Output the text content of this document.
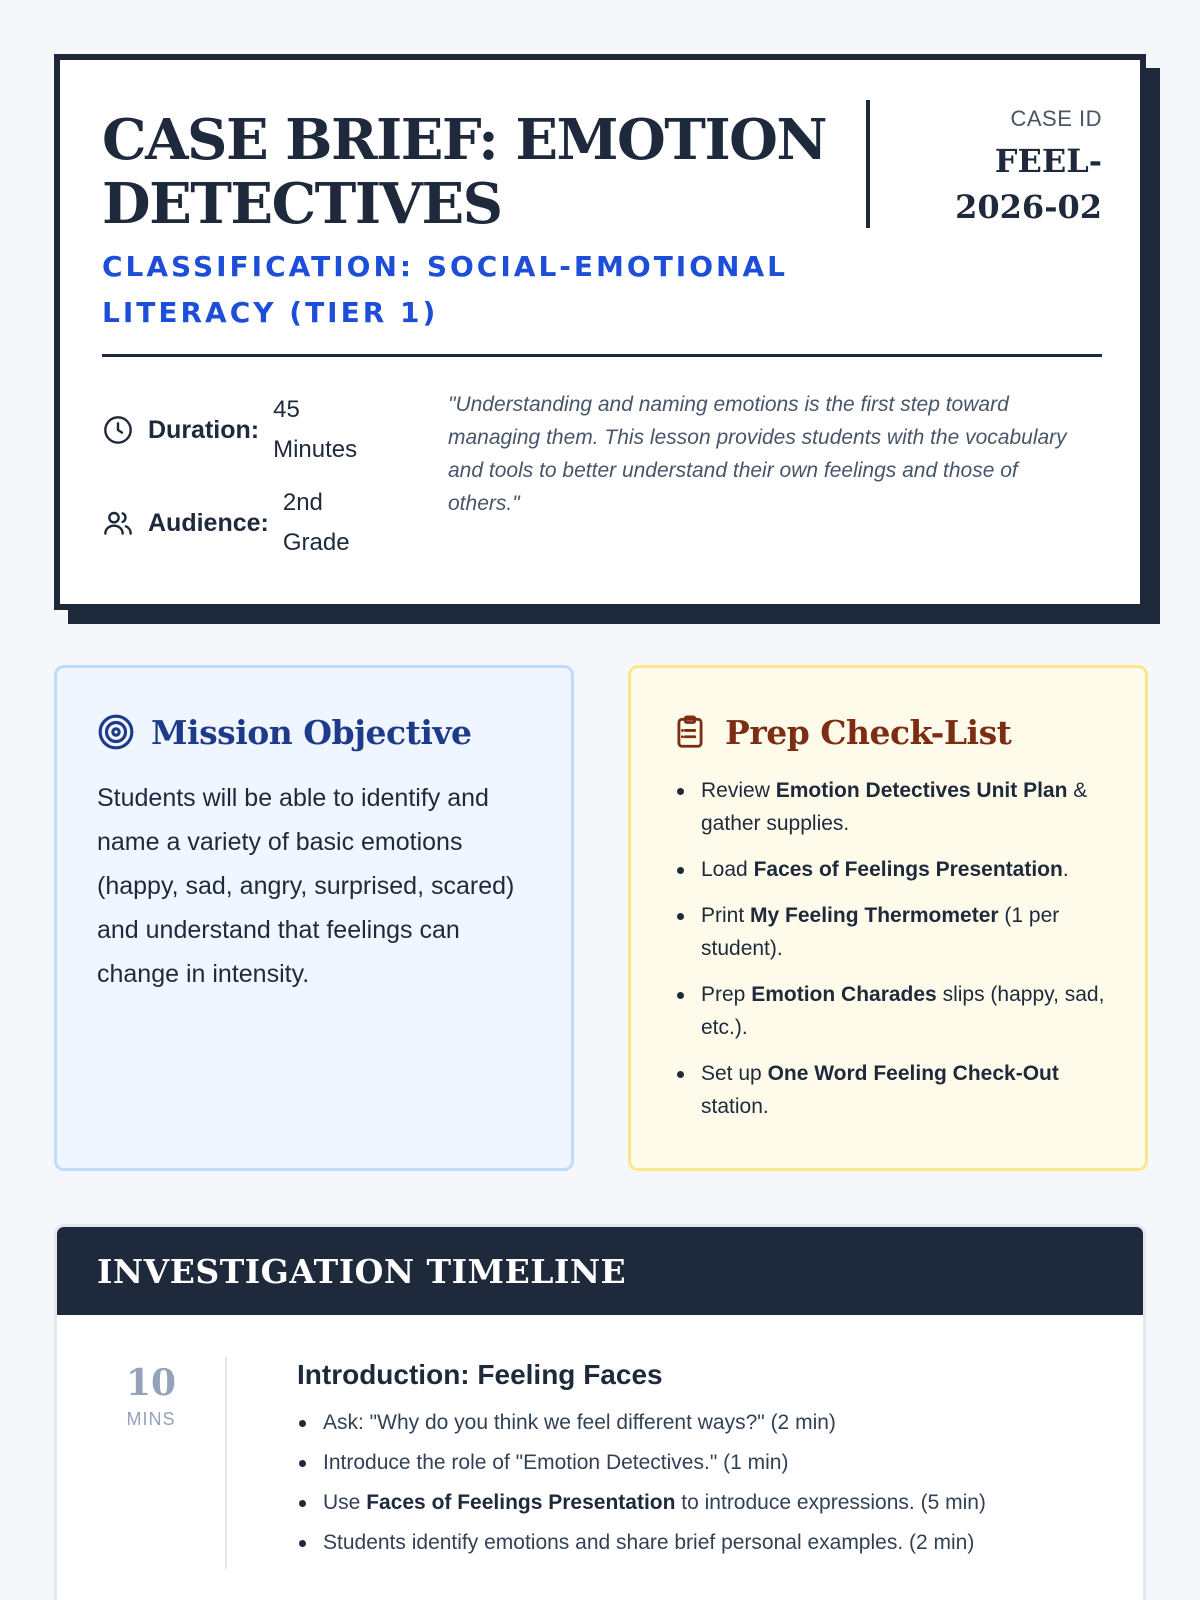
CASE BRIEF: EMOTION DETECTIVES
CLASSIFICATION: SOCIAL-EMOTIONAL LITERACY (TIER 1)
CASE ID
FEEL-2026-02
Duration:
45 Minutes
Audience:
2nd Grade

"Understanding and naming emotions is the first step toward managing them. This lesson provides students with the vocabulary and tools to better understand their own feelings and those of others."

Mission Objective

Students will be able to identify and name a variety of basic emotions (happy, sad, angry, surprised, scared) and understand that feelings can change in intensity.

Prep Check-List
Review Emotion Detectives Unit Plan & gather supplies.
Load Faces of Feelings Presentation.
Print My Feeling Thermometer (1 per student).
Prep Emotion Charades slips (happy, sad, etc.).
Set up One Word Feeling Check-Out station.
INVESTIGATION TIMELINE
10
MINS
Introduction: Feeling Faces
Ask: "Why do you think we feel different ways?" (2 min)
Introduce the role of "Emotion Detectives." (1 min)
Use Faces of Feelings Presentation to introduce expressions. (5 min)
Students identify emotions and share brief personal examples. (2 min)
